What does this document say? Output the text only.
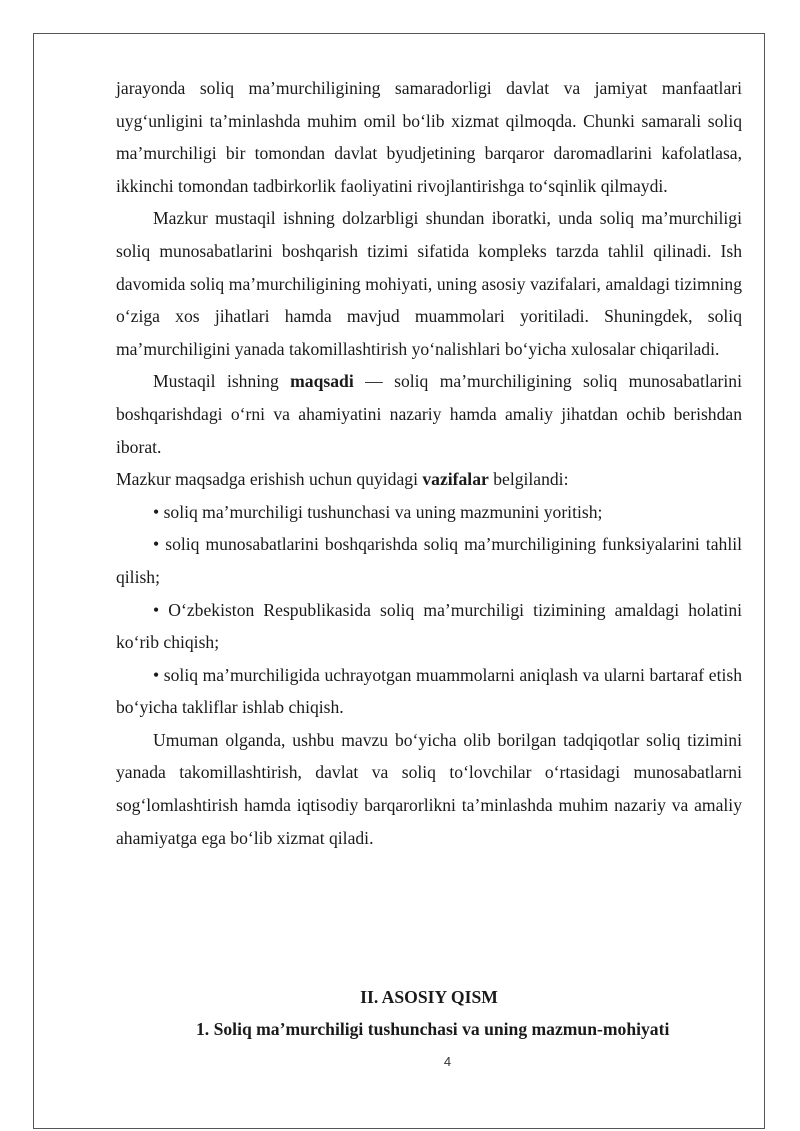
jarayonda soliq ma’murchiligining samaradorligi davlat va jamiyat manfaatlari uyg‘unligini ta’minlashda muhim omil bo‘lib xizmat qilmoqda. Chunki samarali soliq ma’murchiligi bir tomondan davlat byudjetining barqaror daromadlarini kafolatlasa, ikkinchi tomondan tadbirkorlik faoliyatini rivojlantirishga to‘sqinlik qilmaydi.

Mazkur mustaqil ishning dolzarbligi shundan iboratki, unda soliq ma’murchiligi soliq munosabatlarini boshqarish tizimi sifatida kompleks tarzda tahlil qilinadi. Ish davomida soliq ma’murchiligining mohiyati, uning asosiy vazifalari, amaldagi tizimning o‘ziga xos jihatlari hamda mavjud muammolari yoritiladi. Shuningdek, soliq ma’murchiligini yanada takomillashtirish yo‘nalishlari bo‘yicha xulosalar chiqariladi.

Mustaqil ishning maqsadi — soliq ma’murchiligining soliq munosabatlarini boshqarishdagi o‘rni va ahamiyatini nazariy hamda amaliy jihatdan ochib berishdan iborat.

Mazkur maqsadga erishish uchun quyidagi vazifalar belgilandi:

• soliq ma’murchiligi tushunchasi va uning mazmunini yoritish;

• soliq munosabatlarini boshqarishda soliq ma’murchiligining funksiyalarini tahlil qilish;

• O‘zbekiston Respublikasida soliq ma’murchiligi tizimining amaldagi holatini ko‘rib chiqish;

• soliq ma’murchiligida uchrayotgan muammolarni aniqlash va ularni bartaraf etish bo‘yicha takliflar ishlab chiqish.

Umuman olganda, ushbu mavzu bo‘yicha olib borilgan tadqiqotlar soliq tizimini yanada takomillashtirish, davlat va soliq to‘lovchilar o‘rtasidagi munosabatlarni sog‘lomlashtirish hamda iqtisodiy barqarorlikni ta’minlashda muhim nazariy va amaliy ahamiyatga ega bo‘lib xizmat qiladi.

II. ASOSIY QISM
1. Soliq ma’murchiligi tushunchasi va uning mazmun-mohiyati
4
